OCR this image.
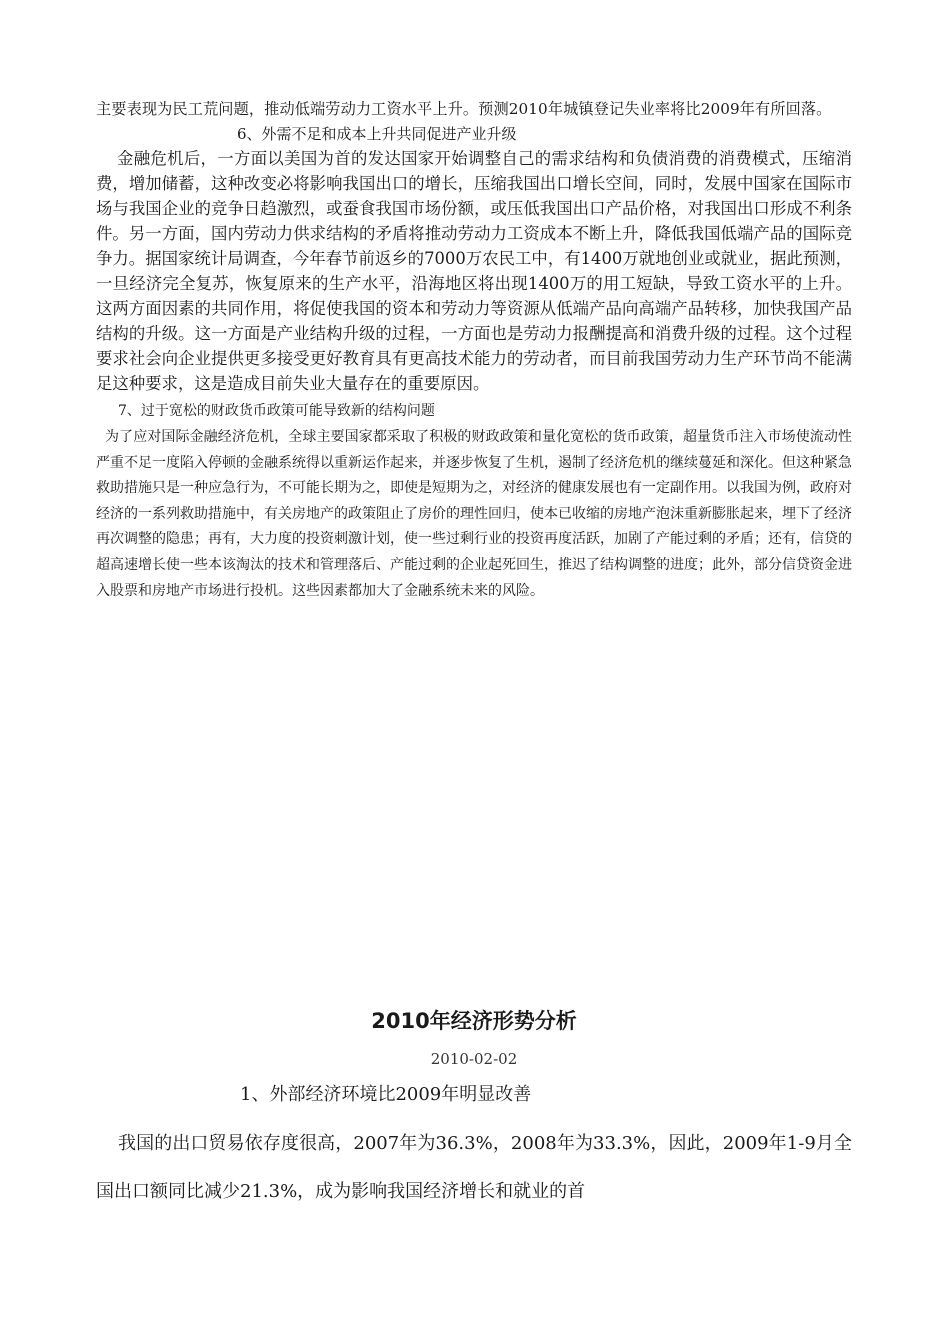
主要表现为民工荒问题，推动低端劳动力工资水平上升。预测2010年城镇登记失业率将比2009年有所回落。

6、外需不足和成本上升共同促进产业升级

金融危机后，一方面以美国为首的发达国家开始调整自己的需求结构和负债消费的消费模式，压缩消费，增加储蓄，这种改变必将影响我国出口的增长，压缩我国出口增长空间，同时，发展中国家在国际市场与我国企业的竞争日趋激烈，或蚕食我国市场份额，或压低我国出口产品价格，对我国出口形成不利条件。另一方面，国内劳动力供求结构的矛盾将推动劳动力工资成本不断上升，降低我国低端产品的国际竞争力。据国家统计局调查，今年春节前返乡的7000万农民工中，有1400万就地创业或就业，据此预测，一旦经济完全复苏，恢复原来的生产水平，沿海地区将出现1400万的用工短缺，导致工资水平的上升。这两方面因素的共同作用，将促使我国的资本和劳动力等资源从低端产品向高端产品转移，加快我国产品结构的升级。这一方面是产业结构升级的过程，一方面也是劳动力报酬提高和消费升级的过程。这个过程要求社会向企业提供更多接受更好教育具有更高技术能力的劳动者，而目前我国劳动力生产环节尚不能满足这种要求，这是造成目前失业大量存在的重要原因。

7、过于宽松的财政货币政策可能导致新的结构问题

为了应对国际金融经济危机，全球主要国家都采取了积极的财政政策和量化宽松的货币政策，超量货币注入市场使流动性严重不足一度陷入停顿的金融系统得以重新运作起来，并逐步恢复了生机，遏制了经济危机的继续蔓延和深化。但这种紧急救助措施只是一种应急行为，不可能长期为之，即使是短期为之，对经济的健康发展也有一定副作用。以我国为例，政府对经济的一系列救助措施中，有关房地产的政策阻止了房价的理性回归，使本已收缩的房地产泡沫重新膨胀起来，埋下了经济再次调整的隐患；再有，大力度的投资刺激计划，使一些过剩行业的投资再度活跃，加剧了产能过剩的矛盾；还有，信贷的超高速增长使一些本该淘汰的技术和管理落后、产能过剩的企业起死回生，推迟了结构调整的进度；此外，部分信贷资金进入股票和房地产市场进行投机。这些因素都加大了金融系统未来的风险。

2010年经济形势分析

2010-02-02

1、外部经济环境比2009年明显改善

我国的出口贸易依存度很高，2007年为36.3%，2008年为33.3%，因此，2009年1-9月全国出口额同比减少21.3%，成为影响我国经济增长和就业的首
